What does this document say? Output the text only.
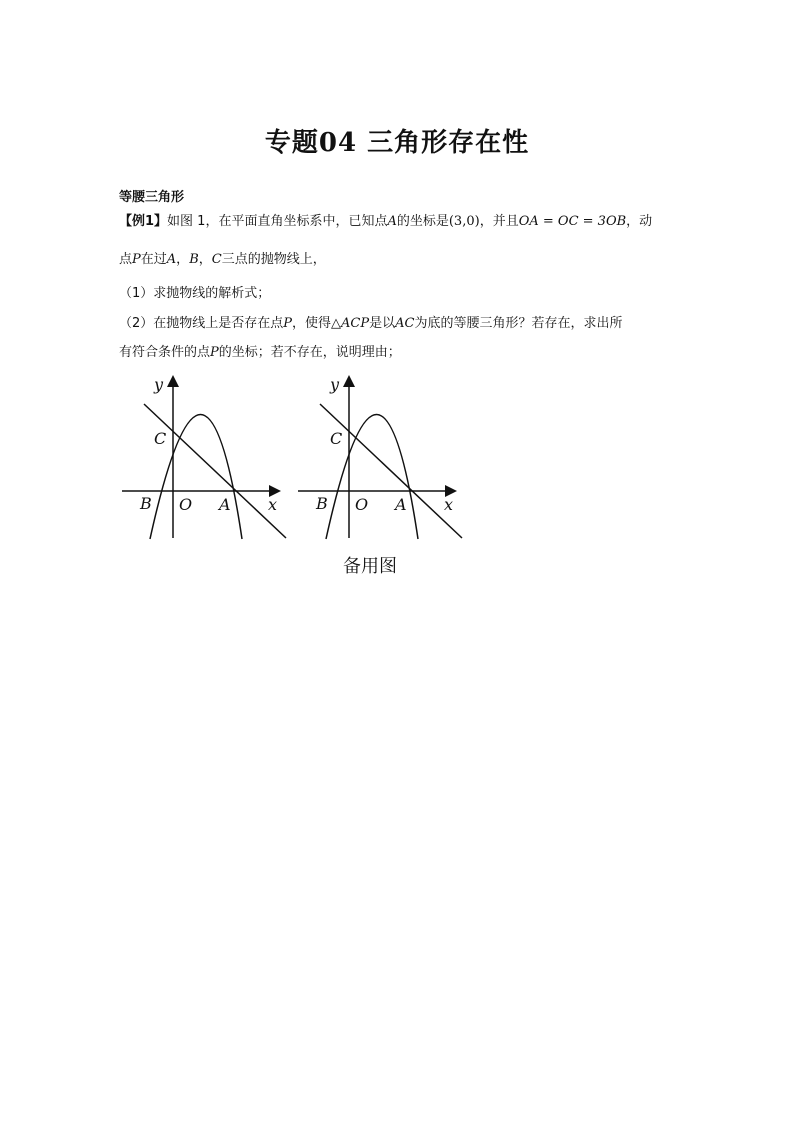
专题04 三角形存在性
等腰三角形
【例1】如图 1，在平面直角坐标系中，已知点A的坐标是(3,0)，并且OA = OC = 3OB，动
点P在过A，B，C三点的抛物线上，
（1）求抛物线的解析式；
（2）在抛物线上是否存在点P，使得△ACP是以AC为底的等腰三角形？若存在，求出所
有符合条件的点P的坐标；若不存在，说明理由；
y
x
C
B O A
y
x
C
B O A
备用图
